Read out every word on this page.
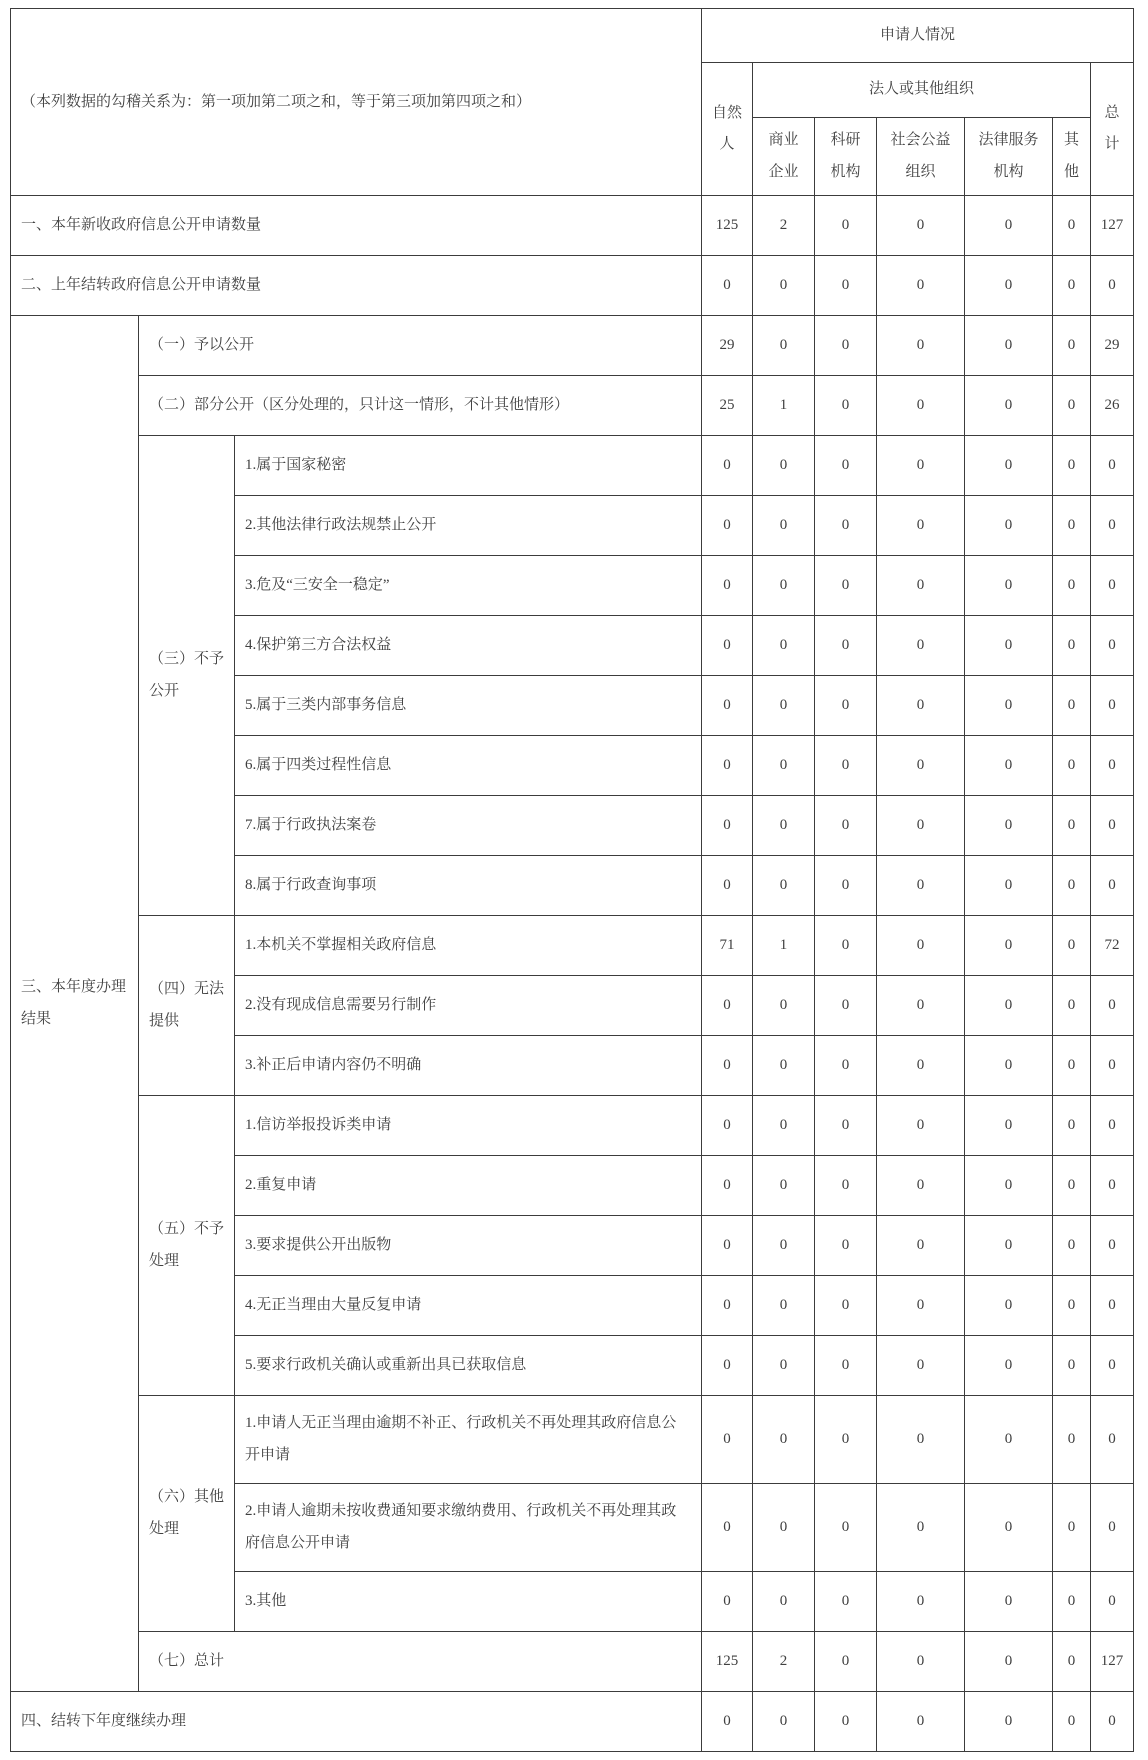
（本列数据的勾稽关系为：第一项加第二项之和，等于第三项加第四项之和）			申请人情况						
			自然人	法人或其他组织					总计
				商业企业	科研机构	社会公益组织	法律服务机构	其他	
一、本年新收政府信息公开申请数量			125	2	0	0	0	0	127
二、上年结转政府信息公开申请数量			0	0	0	0	0	0	0
三、本年度办理结果	（一）予以公开		29	0	0	0	0	0	29
	（二）部分公开（区分处理的，只计这一情形，不计其他情形）		25	1	0	0	0	0	26
	（三）不予公开	1.属于国家秘密	0	0	0	0	0	0	0
		2.其他法律行政法规禁止公开	0	0	0	0	0	0	0
		3.危及“三安全一稳定”	0	0	0	0	0	0	0
		4.保护第三方合法权益	0	0	0	0	0	0	0
		5.属于三类内部事务信息	0	0	0	0	0	0	0
		6.属于四类过程性信息	0	0	0	0	0	0	0
		7.属于行政执法案卷	0	0	0	0	0	0	0
		8.属于行政查询事项	0	0	0	0	0	0	0
	（四）无法提供	1.本机关不掌握相关政府信息	71	1	0	0	0	0	72
		2.没有现成信息需要另行制作	0	0	0	0	0	0	0
		3.补正后申请内容仍不明确	0	0	0	0	0	0	0
	（五）不予处理	1.信访举报投诉类申请	0	0	0	0	0	0	0
		2.重复申请	0	0	0	0	0	0	0
		3.要求提供公开出版物	0	0	0	0	0	0	0
		4.无正当理由大量反复申请	0	0	0	0	0	0	0
		5.要求行政机关确认或重新出具已获取信息	0	0	0	0	0	0	0
	（六）其他处理	1.申请人无正当理由逾期不补正、行政机关不再处理其政府信息公开申请	0	0	0	0	0	0	0
		2.申请人逾期未按收费通知要求缴纳费用、行政机关不再处理其政府信息公开申请	0	0	0	0	0	0	0
		3.其他	0	0	0	0	0	0	0
	（七）总计		125	2	0	0	0	0	127
四、结转下年度继续办理			0	0	0	0	0	0	0
